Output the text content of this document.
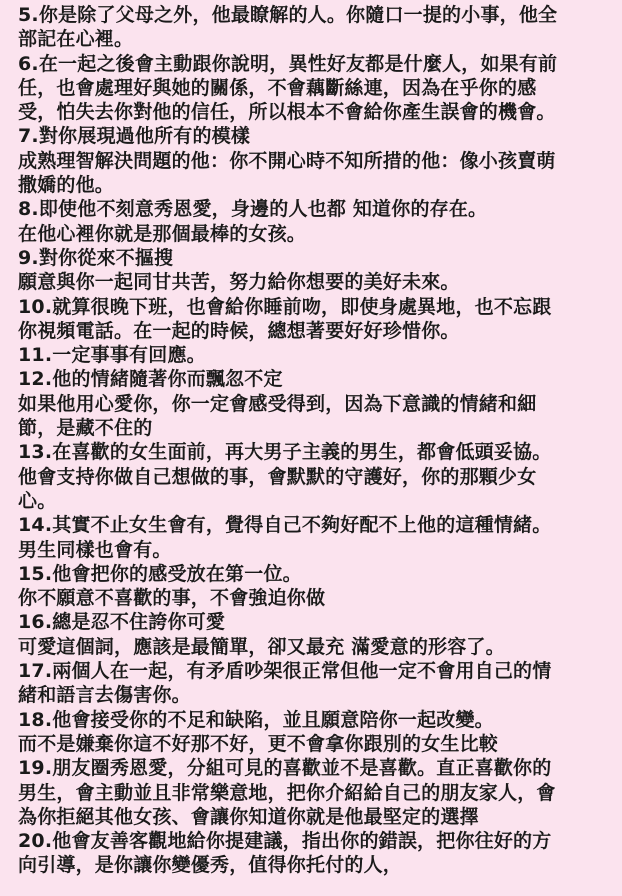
5.你是除了父母之外，他最瞭解的人。你隨口一提的小事，他全
部記在心裡。
6.在一起之後會主動跟你說明，異性好友都是什麼人，如果有前
任，也會處理好與她的關係，不會藕斷絲連，因為在乎你的感
受，怕失去你對他的信任，所以根本不會給你產生誤會的機會。
7.對你展現過他所有的模樣
成熟理智解決問題的他：你不開心時不知所措的他：像小孩賣萌
撒嬌的他。
8.即使他不刻意秀恩愛，身邊的人也都 知道你的存在。
在他心裡你就是那個最棒的女孩。
9.對你從來不摳搜
願意與你一起同甘共苦，努力給你想要的美好未來。
10.就算很晚下班，也會給你睡前吻，即使身處異地，也不忘跟
你視頻電話。在一起的時候，總想著要好好珍惜你。
11.一定事事有回應。
12.他的情緒隨著你而飄忽不定
如果他用心愛你，你一定會感受得到，因為下意識的情緒和細
節，是藏不住的
13.在喜歡的女生面前，再大男子主義的男生，都會低頭妥協。
他會支持你做自己想做的事，會默默的守護好，你的那顆少女
心。
14.其實不止女生會有，覺得自己不夠好配不上他的這種情緒。
男生同樣也會有。
15.他會把你的感受放在第一位。
你不願意不喜歡的事，不會強迫你做
16.總是忍不住誇你可愛
可愛這個詞，應該是最簡單，卻又最充 滿愛意的形容了。
17.兩個人在一起，有矛盾吵架很正常但他一定不會用自己的情
緒和語言去傷害你。
18.他會接受你的不足和缺陷，並且願意陪你一起改變。
而不是嫌棄你這不好那不好，更不會拿你跟別的女生比較
19.朋友圈秀恩愛，分組可見的喜歡並不是喜歡。直正喜歡你的
男生，會主動並且非常樂意地，把你介紹給自己的朋友家人，會
為你拒絕其他女孩、會讓你知道你就是他最堅定的選擇
20.他會友善客觀地給你提建議，指出你的錯誤，把你往好的方
向引導，是你讓你變優秀，值得你托付的人，
